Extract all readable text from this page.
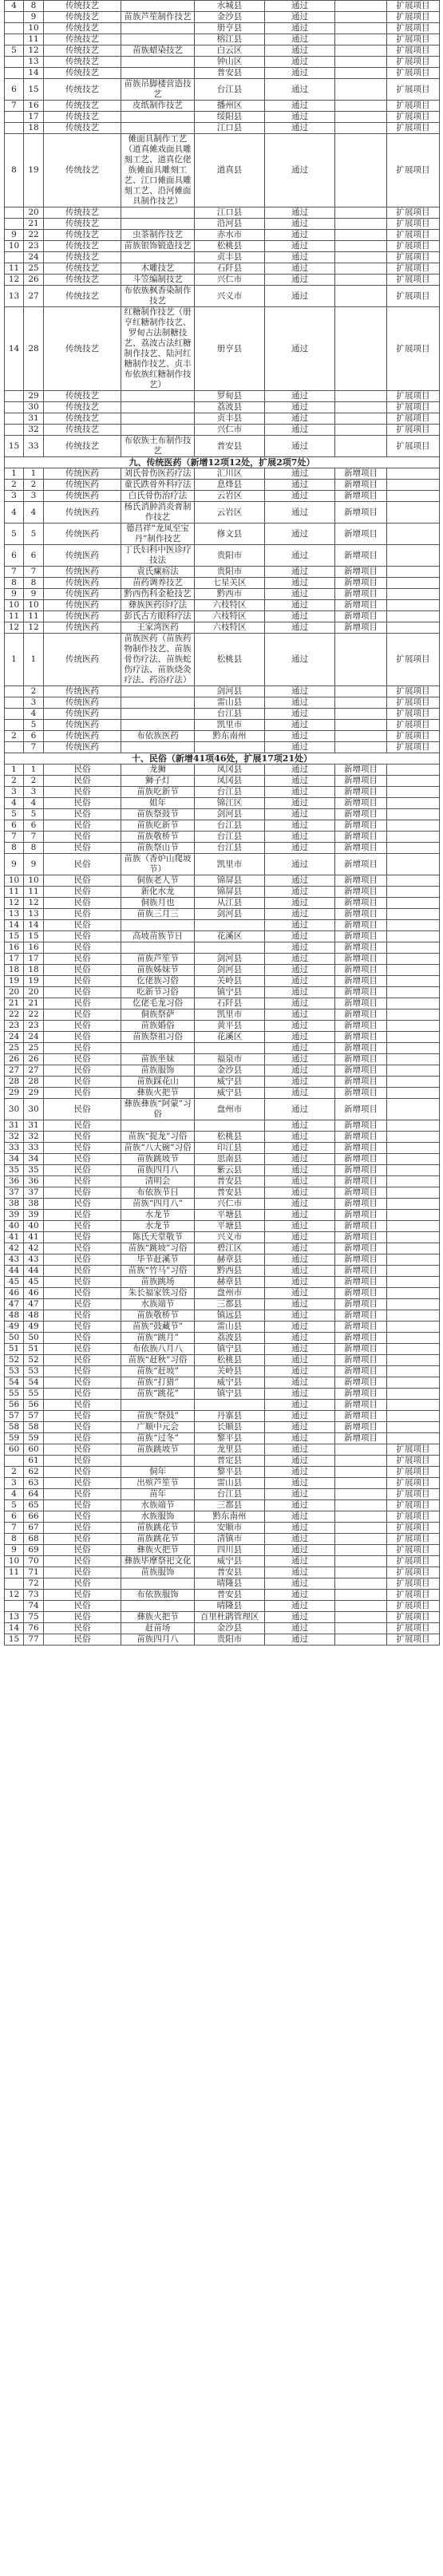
4	8	传统技艺		水城县	通过		扩展项目
	9	传统技艺	苗族芦笙制作技艺	金沙县	通过		扩展项目
	10	传统技艺		册亨县	通过		扩展项目
	11	传统技艺		榕江县	通过		扩展项目
5	12	传统技艺	苗族蜡染技艺	白云区	通过		扩展项目
	13	传统技艺		钟山区	通过		扩展项目
	14	传统技艺		普安县	通过		扩展项目
6	15	传统技艺	苗族吊脚楼营造技艺	台江县	通过		扩展项目
7	16	传统技艺	皮纸制作技艺	播州区	通过		扩展项目
	17	传统技艺		绥阳县	通过		扩展项目
	18	传统技艺		江口县	通过		扩展项目
8	19	传统技艺	傩面具制作工艺（道真傩戏面具雕刻工艺、道真仡佬族傩面具雕刻工艺、江口傩面具雕刻工艺、沿河傩面具制作技艺）	道真县	通过		扩展项目
	20	传统技艺		江口县	通过		扩展项目
	21	传统技艺		沿河县	通过		扩展项目
9	22	传统技艺	虫茶制作技艺	赤水市	通过		扩展项目
10	23	传统技艺	苗族银饰锻造技艺	松桃县	通过		扩展项目
	24	传统技艺		贞丰县	通过		扩展项目
11	25	传统技艺	木雕技艺	石阡县	通过		扩展项目
12	26	传统技艺	斗笠编制技艺	兴仁市	通过		扩展项目
13	27	传统技艺	布依族枫香染制作技艺	兴义市	通过		扩展项目
14	28	传统技艺	红糖制作技艺（册亨红糖制作技艺、罗甸古法制糖技艺、荔波古法红糖制作技艺、陆河红糖制作技艺、贞丰布依族红糖制作技艺）	册亨县	通过		扩展项目
	29	传统技艺		罗甸县	通过		扩展项目
	30	传统技艺		荔波县	通过		扩展项目
	31	传统技艺		贞丰县	通过		扩展项目
	32	传统技艺		兴仁市	通过		扩展项目
15	33	传统技艺	布依族土布制作技艺	普安县	通过		扩展项目
九、传统医药（新增12项12处，扩展2项7处）							
1	1	传统医药	刘氏骨伤医药疗法	汇川区	通过	新增项目	
2	2	传统医药	童氏跌骨外科疗法	息烽县	通过	新增项目	
3	3	传统医药	白氏骨伤治疗法	云岩区	通过	新增项目	
4	4	传统医药	杨氏消肿消炎膏制作技艺	云岩区	通过	新增项目	
5	5	传统医药	德昌祥“龙凤至宝丹”制作技艺	修文县	通过	新增项目	
6	6	传统医药	丁氏妇科中医诊疗技法	贵阳市	通过	新增项目	
7	7	传统医药	袁氏瘰疬法	贵阳市	通过	新增项目	
8	8	传统医药	苗药调养技艺	七星关区	通过	新增项目	
9	9	传统医药	黔西伤科金枪技艺	黔西市	通过	新增项目	
10	10	传统医药	彝族医药诊疗法	六枝特区	通过	新增项目	
11	11	传统医药	彭氏古方眼科疗法	六枝特区	通过	新增项目	
12	12	传统医药	王家湾医药	六枝特区	通过	新增项目	
1	1	传统医药	苗族医药（苗族药物制作技艺、苗族骨伤疗法、苗族蛇伤疗法、苗族烧灸疗法、药浴疗法）	松桃县	通过		扩展项目
	2	传统医药		剑河县	通过		扩展项目
	3	传统医药		雷山县	通过		扩展项目
	4	传统医药		台江县	通过		扩展项目
	5	传统医药		凯里市	通过		扩展项目
2	6	传统医药	布依族医药	黔东南州	通过		扩展项目
	7	传统医药			通过		扩展项目
十、民俗（新增41项46处，扩展17项21处）							
1	1	民俗	龙狮	凤冈县	通过	新增项目	
2	2	民俗	狮子灯	凤冈县	通过	新增项目	
3	3	民俗	苗族吃新节	台江县	通过	新增项目	
4	4	民俗	姐年	锦江区	通过	新增项目	
5	5	民俗	苗族祭鼓节	剑河县	通过	新增项目	
6	6	民俗	苗族吃新节	台江县	通过	新增项目	
7	7	民俗	苗族敬桥节	台江县	通过	新增项目	
8	8	民俗	苗族祭山节	台江县	通过	新增项目	
9	9	民俗	苗族（香炉山爬坡节）	凯里市	通过	新增项目	
10	10	民俗	侗族老人节	锦屏县	通过	新增项目	
11	11	民俗	新化水龙	锦屏县	通过	新增项目	
12	12	民俗	侗族月也	从江县	通过	新增项目	
13	13	民俗	苗族三月三	剑河县	通过	新增项目	
14	14	民俗			通过	新增项目	
15	15	民俗	高坡苗族节日	花溪区	通过	新增项目	
16	16	民俗			通过	新增项目	
17	17	民俗	苗族芦笙节	剑河县	通过	新增项目	
18	18	民俗	苗族姊妹节	剑河县	通过	新增项目	
19	19	民俗	仡佬族习俗	关岭县	通过	新增项目	
20	20	民俗	吃新节习俗	镇宁县	通过	新增项目	
21	21	民俗	仡佬毛龙习俗	石阡县	通过	新增项目	
22	22	民俗	侗族祭萨	凯里市	通过	新增项目	
23	23	民俗	苗族婚俗	黄平县	通过	新增项目	
24	24	民俗	苗族祭祖习俗	花溪区	通过	新增项目	
25	25	民俗			通过	新增项目	
26	26	民俗	苗族坐妹	福泉市	通过	新增项目	
27	27	民俗	苗族服饰	金沙县	通过	新增项目	
28	28	民俗	苗族踩花山	威宁县	通过	新增项目	
29	29	民俗	彝族火把节	威宁县	通过	新增项目	
30	30	民俗	彝族彝族“阿蒙”习俗	盘州市	通过	新增项目	
31	31	民俗			通过	新增项目	
32	32	民俗	苗族“捉龙”习俗	松桃县	通过	新增项目	
33	33	民俗	苗族“八大碗”习俗	印江县	通过	新增项目	
34	34	民俗	苗族跳坡节	思南县	通过	新增项目	
35	35	民俗	苗族四月八	紫云县	通过	新增项目	
36	36	民俗	清明会	普安县	通过	新增项目	
37	37	民俗	布依族节日	普安县	通过	新增项目	
38	38	民俗	苗族“四月八”	兴仁市	通过	新增项目	
39	39	民俗	水龙节	平塘县	通过	新增项目	
40	40	民俗	水龙节	平塘县	通过	新增项目	
41	41	民俗	陈氏天堂敬节	兴义市	通过	新增项目	
42	42	民俗	苗族“跳坡”习俗	碧江区	通过	新增项目	
43	43	民俗	毕节赶溪节	赫章县	通过	新增项目	
44	44	民俗	苗族“竹马”习俗	黔西县	通过	新增项目	
45	45	民俗	苗族跳场	赫章县	通过	新增项目	
46	46	民俗	朱长福家铁习俗	盘州市	通过	新增项目	
47	47	民俗	水族端节	三都县	通过	新增项目	
48	48	民俗	苗族敬桥节	镇远县	通过	新增项目	
49	49	民俗	苗族“鼓藏节”	雷山县	通过	新增项目	
50	50	民俗	苗族“跳月”	荔波县	通过	新增项目	
51	51	民俗	布依族八月八	镇宁县	通过	新增项目	
52	52	民俗	苗族“赶秋”习俗	松桃县	通过	新增项目	
53	53	民俗	苗族“赶坡”	关岭县	通过	新增项目	
54	54	民俗	苗族“打猎”	威宁县	通过	新增项目	
55	55	民俗	苗族“跳花”	镇宁县	通过	新增项目	
56	56	民俗			通过	新增项目	
57	57	民俗	苗族“祭鼓”	丹寨县	通过	新增项目	
58	58	民俗	广顺中元会	长顺县	通过	新增项目	
59	59	民俗	苗族“过冬”	黎平县	通过	新增项目	
60	60	民俗	苗族跳坡节	龙里县	通过		扩展项目
	61	民俗		普定县	通过		扩展项目
2	62	民俗	侗年	黎平县	通过		扩展项目
3	63	民俗	出殡芦笙节	雷山县	通过		扩展项目
4	64	民俗	苗年	台江县	通过		扩展项目
5	65	民俗	水族端节	三都县	通过		扩展项目
6	66	民俗	水族服饰	黔东南州	通过		扩展项目
7	67	民俗	苗族跳花节	安顺市	通过		扩展项目
8	68	民俗	苗族跳花节	清镇市	通过		扩展项目
9	69	民俗	彝族火把节	四川县	通过		扩展项目
10	70	民俗	彝族毕摩祭祀文化	威宁县	通过		扩展项目
11	71	民俗	苗族服饰	普安县	通过		扩展项目
	72	民俗		晴隆县	通过		扩展项目
12	73	民俗	布依族服饰	普安县	通过		扩展项目
	74	民俗		晴隆县	通过		扩展项目
13	75	民俗	彝族火把节	百里杜鹃管理区	通过		扩展项目
14	76	民俗	赶苗场	金沙县	通过		扩展项目
15	77	民俗	苗族四月八	贵阳市	通过		扩展项目
